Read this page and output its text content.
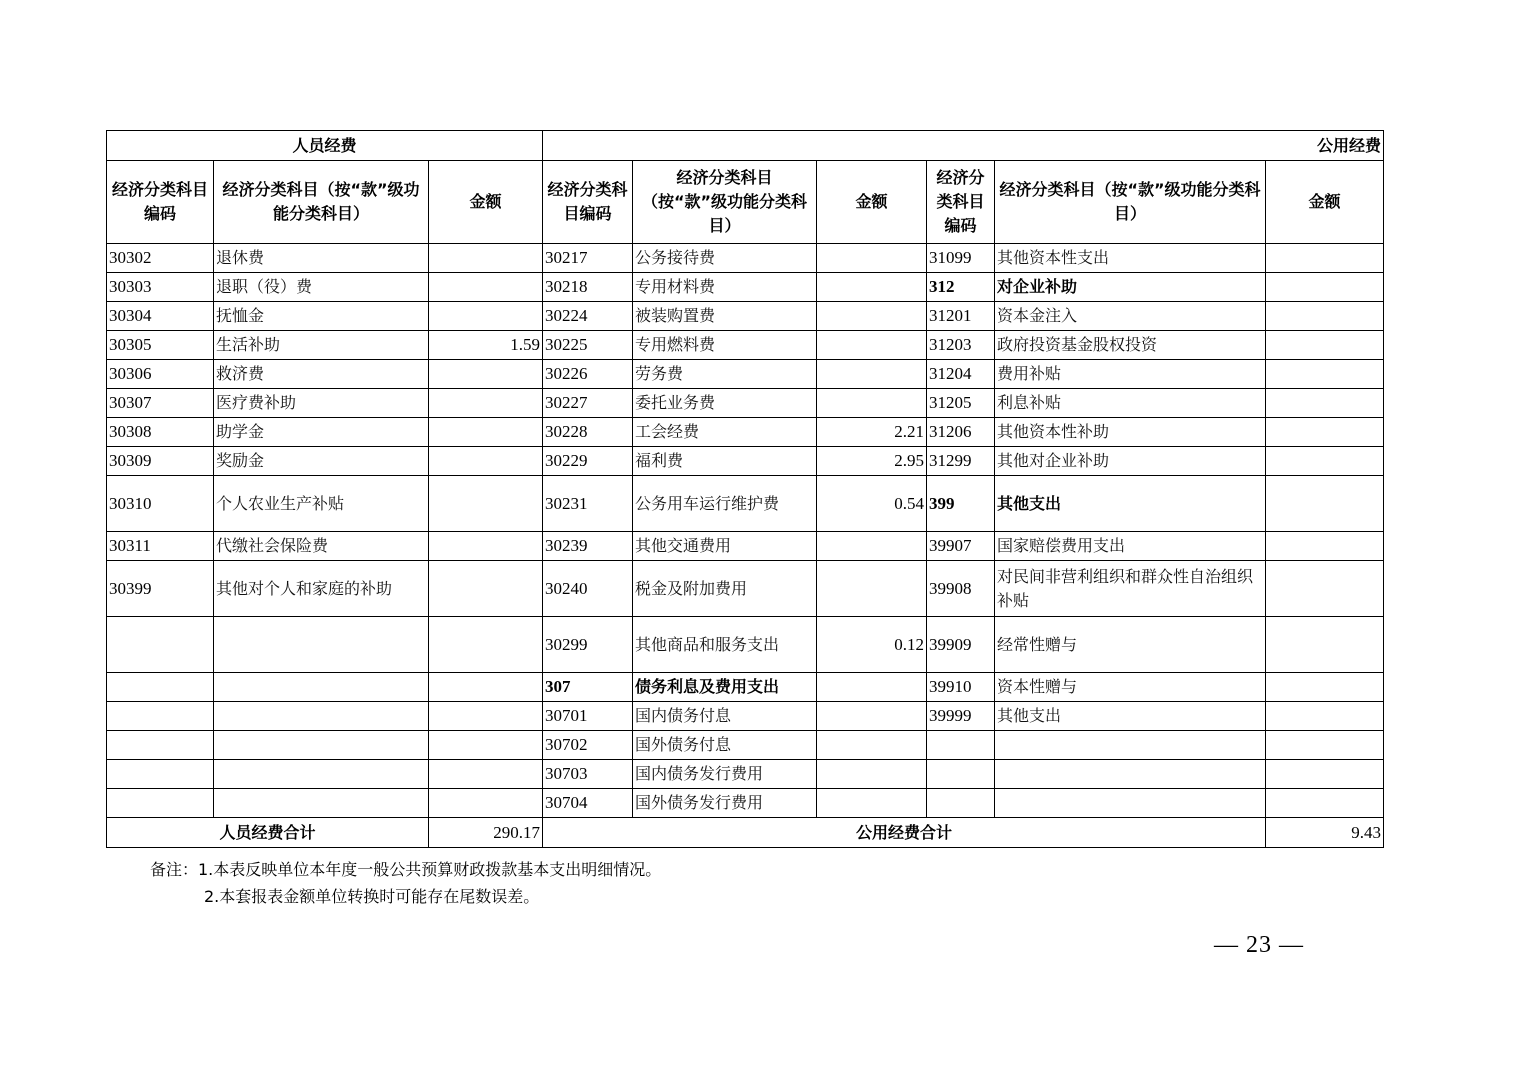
人员经费			公用经费					
经济分类科目编码	经济分类科目（按“款”级功能分类科目）	金额	经济分类科目编码	经济分类科目（按“款”级功能分类科目）	金额	经济分类科目编码	经济分类科目（按“款”级功能分类科目）	金额
30302	退休费		30217	公务接待费		31099	其他资本性支出	
30303	退职（役）费		30218	专用材料费		312	对企业补助	
30304	抚恤金		30224	被装购置费		31201	资本金注入	
30305	生活补助	1.59	30225	专用燃料费		31203	政府投资基金股权投资	
30306	救济费		30226	劳务费		31204	费用补贴	
30307	医疗费补助		30227	委托业务费		31205	利息补贴	
30308	助学金		30228	工会经费	2.21	31206	其他资本性补助	
30309	奖励金		30229	福利费	2.95	31299	其他对企业补助	
30310	个人农业生产补贴		30231	公务用车运行维护费	0.54	399	其他支出	
30311	代缴社会保险费		30239	其他交通费用		39907	国家赔偿费用支出	
30399	其他对个人和家庭的补助		30240	税金及附加费用		39908	对民间非营利组织和群众性自治组织补贴	
			30299	其他商品和服务支出	0.12	39909	经常性赠与	
			307	债务利息及费用支出		39910	资本性赠与	
			30701	国内债务付息		39999	其他支出	
			30702	国外债务付息				
			30703	国内债务发行费用				
			30704	国外债务发行费用				
人员经费合计		290.17	公用经费合计					9.43
备注：1.本表反映单位本年度一般公共预算财政拨款基本支出明细情况。
2.本套报表金额单位转换时可能存在尾数误差。
— 23 —
